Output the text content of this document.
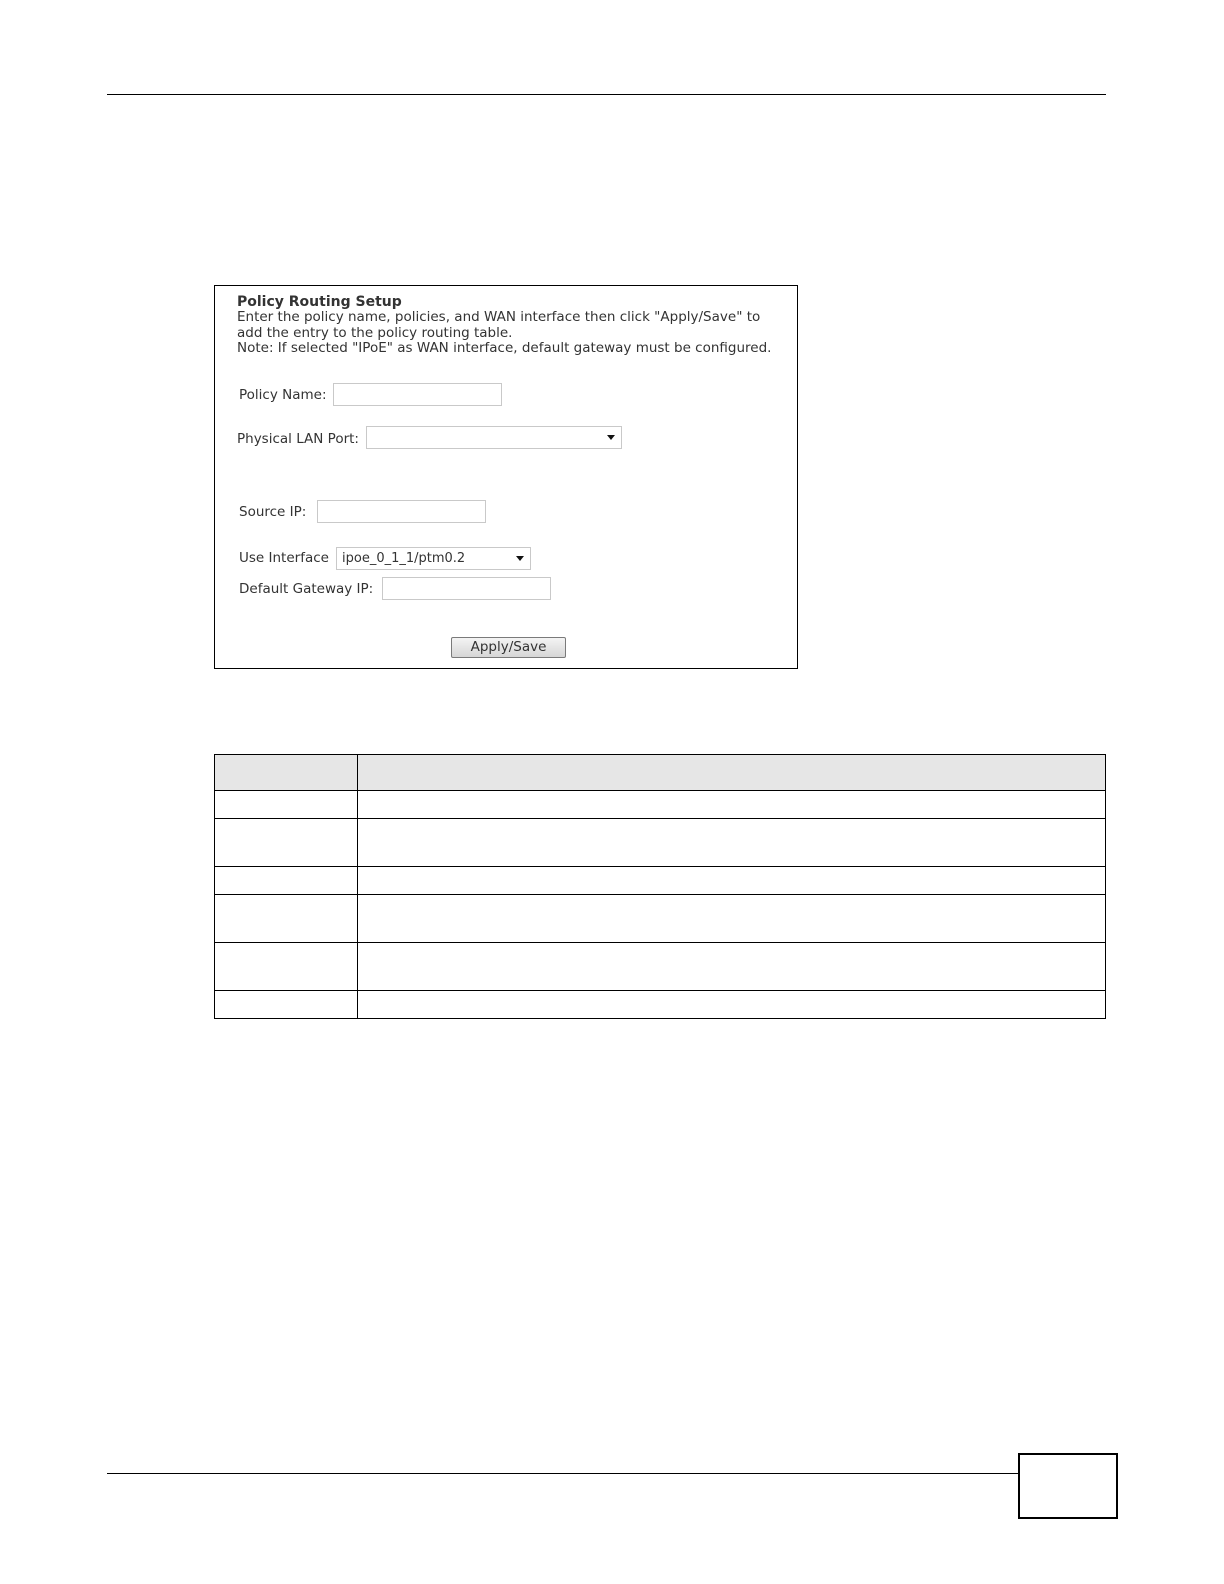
Policy Routing Setup
Enter the policy name, policies, and WAN interface then click "Apply/Save" to
add the entry to the policy routing table.
Note: If selected "IPoE" as WAN interface, default gateway must be configured.
Policy Name:
Physical LAN Port:
Source IP:
Use Interface	ipoe_0_1_1/ptm0.2
Default Gateway IP:
Apply/Save
